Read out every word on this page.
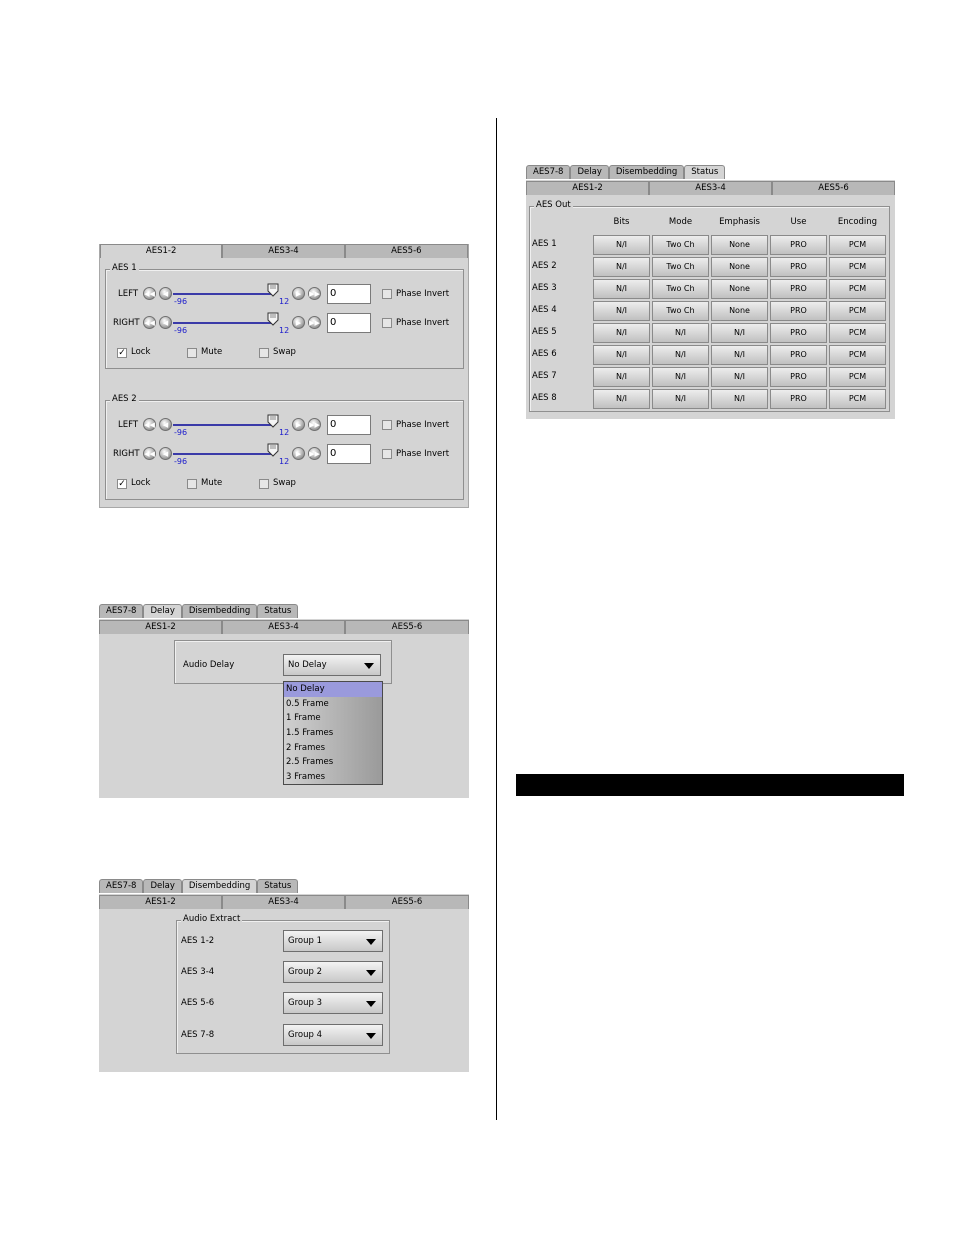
AES1-2	AES3-4	AES5-6
AES 1
LEFT ◀◀	◀
-96	12
▶	▶▶	0	Phase Invert
RIGHT ◀◀	◀
-96	12
▶	▶▶	0	Phase Invert
✓ Lock	Mute	Swap
AES 2
LEFT ◀◀	◀
-96	12
▶	▶▶	0	Phase Invert
RIGHT ◀◀	◀
-96	12
▶	▶▶	0	Phase Invert
✓ Lock	Mute	Swap
AES7-8	Delay	Disembedding	Status
AES1-2	AES3-4	AES5-6
Audio Delay	No Delay
No Delay
0.5 Frame
1 Frame
1.5 Frames
2 Frames
2.5 Frames
3 Frames
AES7-8	Delay	Disembedding	Status
AES1-2	AES3-4	AES5-6
Audio Extract
AES 1-2	Group 1
AES 3-4	Group 2
AES 5-6	Group 3
AES 7-8	Group 4
AES7-8	Delay	Disembedding	Status
AES1-2	AES3-4	AES5-6
AES Out
Bits	Mode	Emphasis	Use	Encoding
AES 1	N/I	Two Ch	None	PRO	PCM
AES 2	N/I	Two Ch	None	PRO	PCM
AES 3	N/I	Two Ch	None	PRO	PCM
AES 4	N/I	Two Ch	None	PRO	PCM
AES 5	N/I	N/I	N/I	PRO	PCM
AES 6	N/I	N/I	N/I	PRO	PCM
AES 7	N/I	N/I	N/I	PRO	PCM
AES 8	N/I	N/I	N/I	PRO	PCM
